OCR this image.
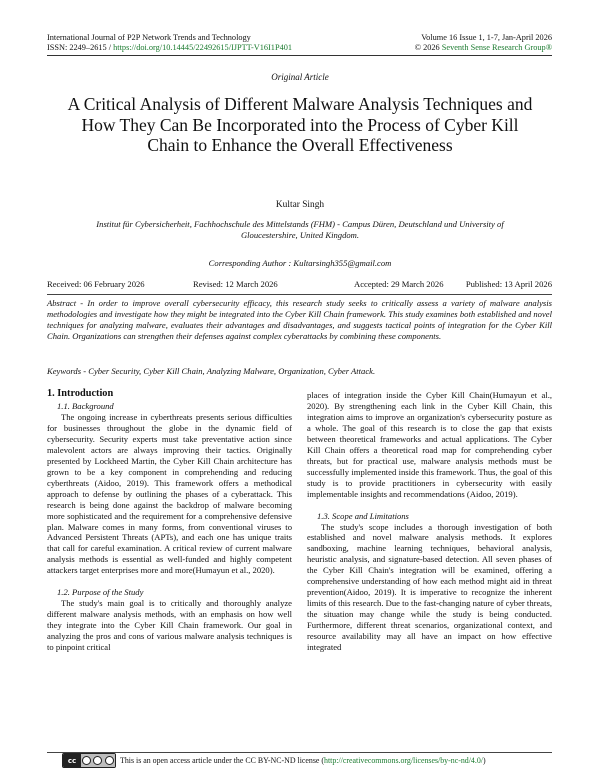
International Journal of P2P Network Trends and Technology
ISSN: 2249–2615 / https://doi.org/10.14445/22492615/IJPTT-V16I1P401
Volume 16 Issue 1, 1-7, Jan-April 2026
© 2026 Seventh Sense Research Group®
Original Article
A Critical Analysis of Different Malware Analysis Techniques and How They Can Be Incorporated into the Process of Cyber Kill Chain to Enhance the Overall Effectiveness
Kultar Singh
Institut für Cybersicherheit, Fachhochschule des Mittelstands (FHM) - Campus Düren, Deutschland und University of Gloucestershire, United Kingdom.
Corresponding Author : Kultarsingh355@gmail.com
Received: 06 February 2026	Revised: 12 March 2026	Accepted: 29 March 2026	Published: 13 April 2026
Abstract - In order to improve overall cybersecurity efficacy, this research study seeks to critically assess a variety of malware analysis methodologies and investigate how they might be integrated into the Cyber Kill Chain framework. This study examines both established and novel techniques for analyzing malware, evaluates their advantages and disadvantages, and suggests tactical points of integration for the Cyber Kill Chain. Organizations can strengthen their defenses against complex cyberattacks by combining these components.
Keywords - Cyber Security, Cyber Kill Chain, Analyzing Malware, Organization, Cyber Attack.
1. Introduction
1.1. Background

The ongoing increase in cyberthreats presents serious difficulties for businesses throughout the globe in the dynamic field of cybersecurity. Security experts must take preventative action since malevolent actors are always improving their tactics. Originally presented by Lockheed Martin, the Cyber Kill Chain architecture has grown to be a key component in comprehending and reducing cyberthreats (Aidoo, 2019). This framework offers a methodical approach to defense by outlining the phases of a cyberattack. This research is being done against the backdrop of malware becoming more sophisticated and the requirement for a comprehensive defensive plan. Malware comes in many forms, from conventional viruses to Advanced Persistent Threats (APTs), and each one has unique traits that call for careful examination. A critical review of current malware analysis methods is essential as well-funded and highly competent attackers target enterprises more and more(Humayun et al., 2020).

1.2. Purpose of the Study

The study's main goal is to critically and thoroughly analyze different malware analysis methods, with an emphasis on how well they integrate into the Cyber Kill Chain framework. Our goal in analyzing the pros and cons of various malware analysis techniques is to pinpoint critical

places of integration inside the Cyber Kill Chain(Humayun et al., 2020). By strengthening each link in the Cyber Kill Chain, this integration aims to improve an organization's cybersecurity posture as a whole. The goal of this research is to close the gap that exists between theoretical frameworks and actual applications. The Cyber Kill Chain offers a theoretical road map for comprehending cyber threats, but for practical use, malware analysis methods must be successfully implemented inside this framework. Thus, the goal of this study is to provide practitioners in cybersecurity with easily implementable insights and recommendations (Aidoo, 2019).

1.3. Scope and Limitations

The study's scope includes a thorough investigation of both established and novel malware analysis methods. It explores sandboxing, machine learning techniques, behavioral analysis, heuristic analysis, and signature-based detection. All seven phases of the Cyber Kill Chain's integration will be examined, offering a comprehensive understanding of how each method might aid in threat prevention(Aidoo, 2019). It is imperative to recognize the inherent limits of this research. Due to the fast-changing nature of cyber threats, the situation may change while the study is being conducted. Furthermore, different threat scenarios, organizational context, and resource availability may all have an impact on how effective integrated

cc	This is an open access article under the CC BY-NC-ND license (http://creativecommons.org/licenses/by-nc-nd/4.0/)
